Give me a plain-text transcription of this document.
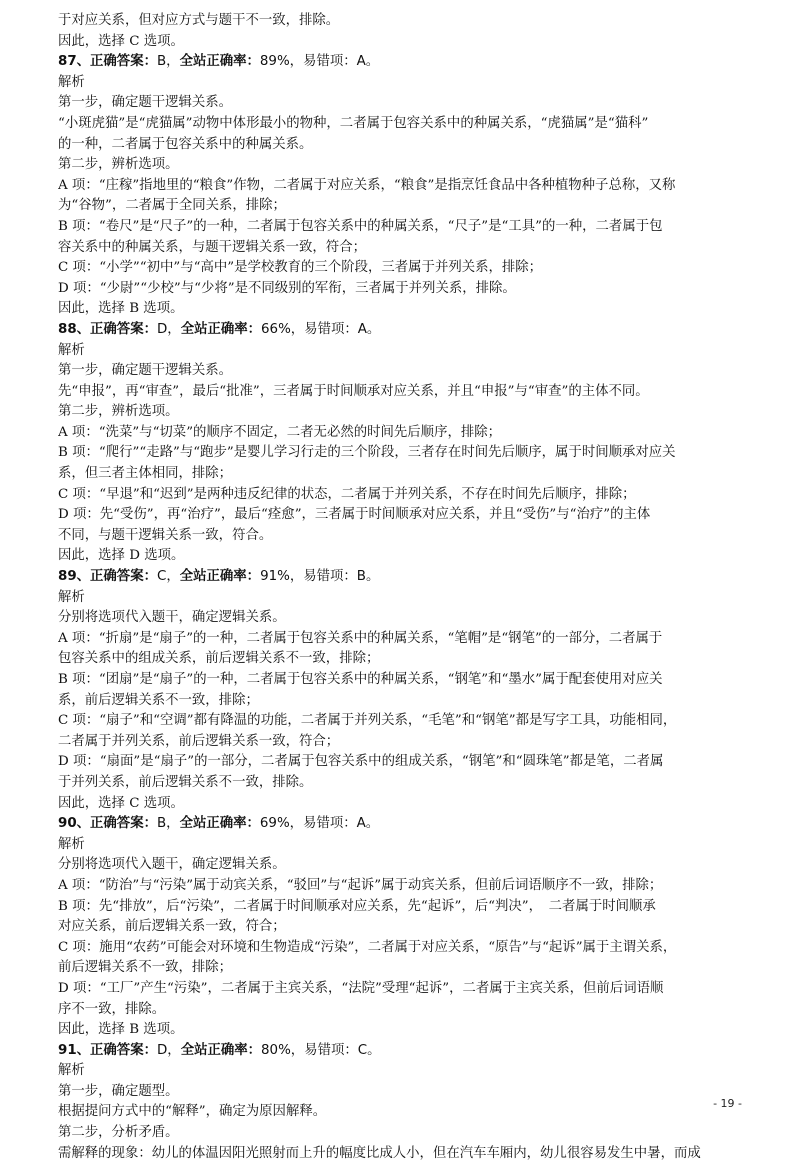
于对应关系，但对应方式与题干不一致，排除。
因此，选择 C 选项。
87、正确答案：B，全站正确率：89%，易错项：A。
解析
第一步，确定题干逻辑关系。
“小斑虎猫”是“虎猫属”动物中体形最小的物种，二者属于包容关系中的种属关系，“虎猫属”是“猫科”
的一种，二者属于包容关系中的种属关系。
第二步，辨析选项。
A 项：“庄稼”指地里的“粮食”作物，二者属于对应关系，“粮食”是指烹饪食品中各种植物种子总称，又称
为“谷物”，二者属于全同关系，排除；
B 项：“卷尺”是“尺子”的一种，二者属于包容关系中的种属关系，“尺子”是“工具”的一种，二者属于包
容关系中的种属关系，与题干逻辑关系一致，符合；
C 项：“小学”“初中”与“高中”是学校教育的三个阶段，三者属于并列关系，排除；
D 项：“少尉”“少校”与“少将”是不同级别的军衔，三者属于并列关系，排除。
因此，选择 B 选项。
88、正确答案：D，全站正确率：66%，易错项：A。
解析
第一步，确定题干逻辑关系。
先“申报”，再“审查”，最后“批准”，三者属于时间顺承对应关系，并且“申报”与“审查”的主体不同。
第二步，辨析选项。
A 项：“洗菜”与“切菜”的顺序不固定，二者无必然的时间先后顺序，排除；
B 项：“爬行”“走路”与“跑步”是婴儿学习行走的三个阶段，三者存在时间先后顺序，属于时间顺承对应关
系，但三者主体相同，排除；
C 项：“早退”和“迟到”是两种违反纪律的状态，二者属于并列关系，不存在时间先后顺序，排除；
D 项：先“受伤”，再“治疗”，最后“痊愈”，三者属于时间顺承对应关系，并且“受伤”与“治疗”的主体
不同，与题干逻辑关系一致，符合。
因此，选择 D 选项。
89、正确答案：C，全站正确率：91%，易错项：B。
解析
分别将选项代入题干，确定逻辑关系。
A 项：“折扇”是“扇子”的一种，二者属于包容关系中的种属关系，“笔帽”是“钢笔”的一部分，二者属于
包容关系中的组成关系，前后逻辑关系不一致，排除；
B 项：“团扇”是“扇子”的一种，二者属于包容关系中的种属关系，“钢笔”和“墨水”属于配套使用对应关
系，前后逻辑关系不一致，排除；
C 项：“扇子”和“空调”都有降温的功能，二者属于并列关系，“毛笔”和“钢笔”都是写字工具，功能相同，
二者属于并列关系，前后逻辑关系一致，符合；
D 项：“扇面”是“扇子”的一部分，二者属于包容关系中的组成关系，“钢笔”和“圆珠笔”都是笔，二者属
于并列关系，前后逻辑关系不一致，排除。
因此，选择 C 选项。
90、正确答案：B，全站正确率：69%，易错项：A。
解析
分别将选项代入题干，确定逻辑关系。
A 项：“防治”与“污染”属于动宾关系，“驳回”与“起诉”属于动宾关系，但前后词语顺序不一致，排除；
B 项：先“排放”，后“污染”，二者属于时间顺承对应关系，先“起诉”，后“判决”，　二者属于时间顺承
对应关系，前后逻辑关系一致，符合；
C 项：施用“农药”可能会对环境和生物造成“污染”，二者属于对应关系，“原告”与“起诉”属于主谓关系，
前后逻辑关系不一致，排除；
D 项：“工厂”产生“污染”，二者属于主宾关系，“法院”受理“起诉”，二者属于主宾关系，但前后词语顺
序不一致，排除。
因此，选择 B 选项。
91、正确答案：D，全站正确率：80%，易错项：C。
解析
第一步，确定题型。
根据提问方式中的“解释”，确定为原因解释。
第二步，分析矛盾。
需解释的现象：幼儿的体温因阳光照射而上升的幅度比成人小，但在汽车车厢内，幼儿很容易发生中暑，而成
- 19 -
